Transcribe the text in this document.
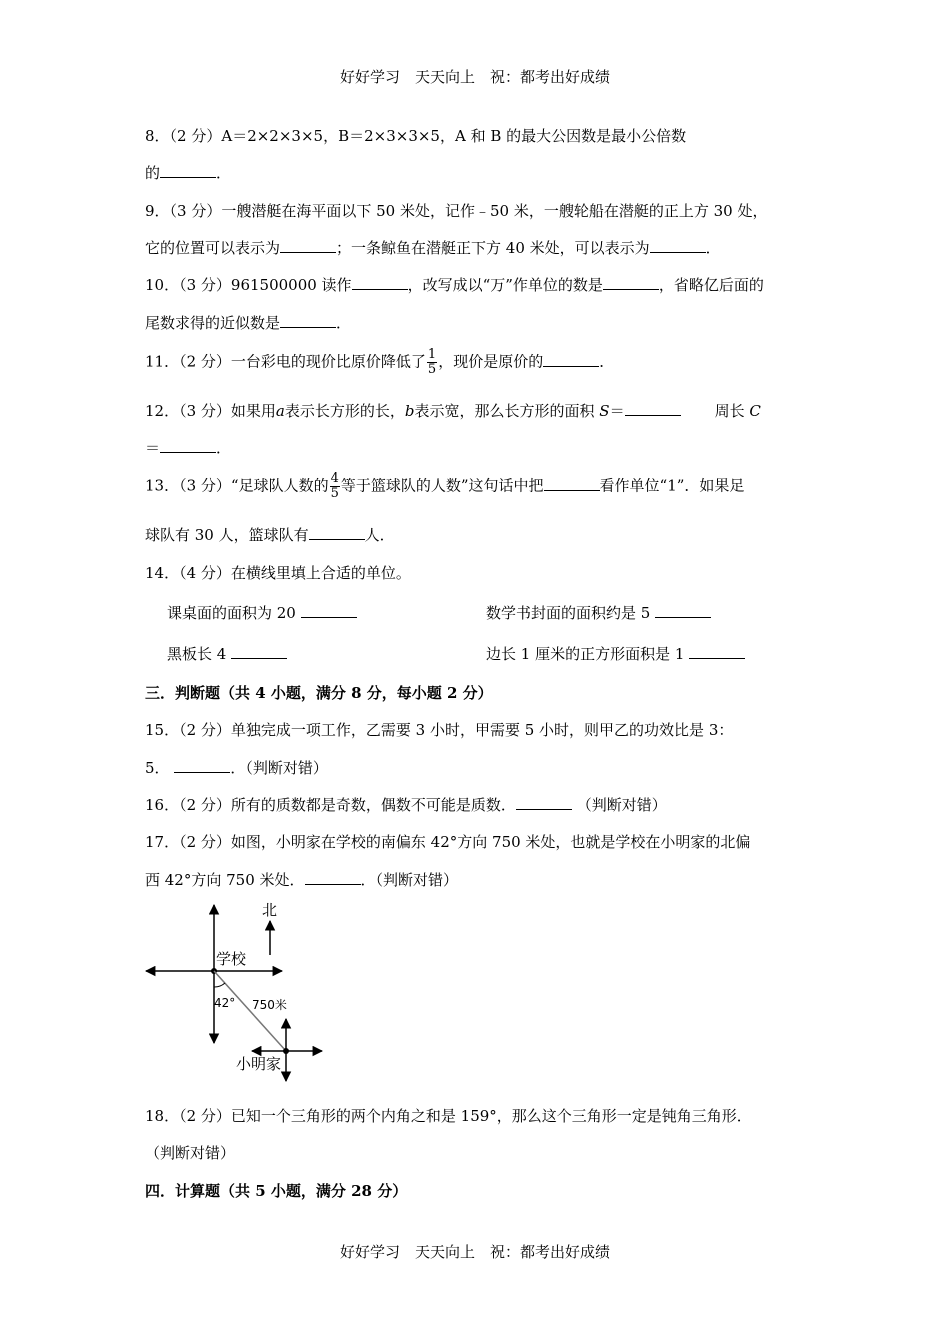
好好学习　天天向上　祝：都考出好成绩
8．（2 分）A＝2×2×3×5，B＝2×3×3×5，A 和 B 的最大公因数是最小公倍数
的	．
9．（3 分）一艘潜艇在海平面以下 50 米处，记作﹣50 米，一艘轮船在潜艇的正上方 30 处，
它的位置可以表示为	；一条鲸鱼在潜艇正下方 40 米处，可以表示为	．
10．（3 分）961500000 读作	，改写成以“万”作单位的数是	，省略亿后面的
尾数求得的近似数是	．
11．（2 分）一台彩电的现价比原价降低了 $\frac{1}{5}$ ，现价是原价的	．
12．（3 分）如果用a表示长方形的长，b表示宽，那么长方形的面积 S＝	周长 C
＝	．
13．（3 分）“足球队人数的 $\frac{4}{5}$ 等于篮球队的人数”这句话中把	看作单位“1”．如果足
球队有 30 人，篮球队有	人．
14．（4 分）在横线里填上合适的单位。
课桌面的面积为 20	数学书封面的面积约是 5
黑板长 4	边长 1 厘米的正方形面积是 1
三．判断题（共 4 小题，满分 8 分，每小题 2 分）
15．（2 分）单独完成一项工作，乙需要 3 小时，甲需要 5 小时，则甲乙的功效比是 3：
5．	．（判断对错）
16．（2 分）所有的质数都是奇数，偶数不可能是质数．	（判断对错）
17．（2 分）如图，小明家在学校的南偏东 42°方向 750 米处，也就是学校在小明家的北偏
西 42°方向 750 米处．	．（判断对错）
北
学校
42° 750米
小明家
18．（2 分）已知一个三角形的两个内角之和是 159°，那么这个三角形一定是钝角三角形．
（判断对错）
四．计算题（共 5 小题，满分 28 分）
好好学习　天天向上　祝：都考出好成绩
